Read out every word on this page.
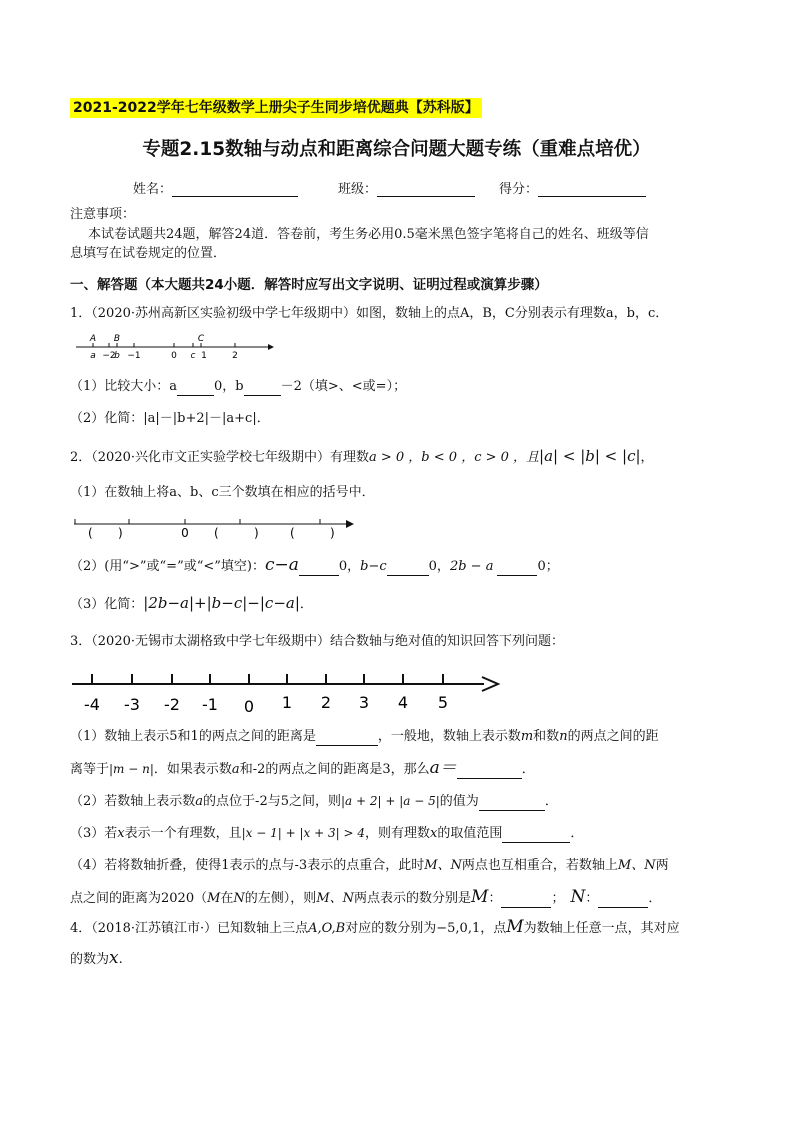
2021-2022学年七年级数学上册尖子生同步培优题典【苏科版】
专题2.15数轴与动点和距离综合问题大题专练（重难点培优）
姓名：	班级：	得分：
注意事项：
本试卷试题共24题，解答24道．答卷前，考生务必用0.5毫米黑色签字笔将自己的姓名、班级等信
息填写在试卷规定的位置．
一、解答题（本大题共24小题．解答时应写出文字说明、证明过程或演算步骤）
1．（2020·苏州高新区实验初级中学七年级期中）如图，数轴上的点A，B，C分别表示有理数a，b，c．
A B	C
a −2
b −1	0 c 1	2
（1）比较大小：a	0，b	－2（填>、<或=）；
（2）化简：|a|－|b+2|－|a+c|．
2．（2020·兴化市文正实验学校七年级期中）有理数a > 0 ，b < 0 ，c > 0 ，且|a| < |b| < |c|，
（1）在数轴上将a、b、c三个数填在相应的括号中．
0
( )	(	)	(	)
（2）(用“>”或“=”或“<”填空)：c−a	0，b−c	0，2b − a	0；
（3）化简：|2b−a|+|b−c|−|c−a|．
3．（2020·无锡市太湖格致中学七年级期中）结合数轴与绝对值的知识回答下列问题：
-4 -3 -2 -1 0 1 2 3 4 5
（1）数轴上表示5和1的两点之间的距离是	，一般地，数轴上表示数m和数n的两点之间的距
离等于|m − n|．如果表示数a和-2的两点之间的距离是3，那么a＝	．
（2）若数轴上表示数a的点位于-2与5之间，则|a + 2| + |a − 5|的值为	．
（3）若x表示一个有理数，且|x − 1| + |x + 3| > 4，则有理数x的取值范围	．
（4）若将数轴折叠，使得1表示的点与-3表示的点重合，此时M、N两点也互相重合，若数轴上M、N两
点之间的距离为2020（M在N的左侧），则M、N两点表示的数分别是M：	； N：	．
4．（2018·江苏镇江市·）已知数轴上三点A,O,B对应的数分别为−5,0,1，点M为数轴上任意一点，其对应
的数为x.
